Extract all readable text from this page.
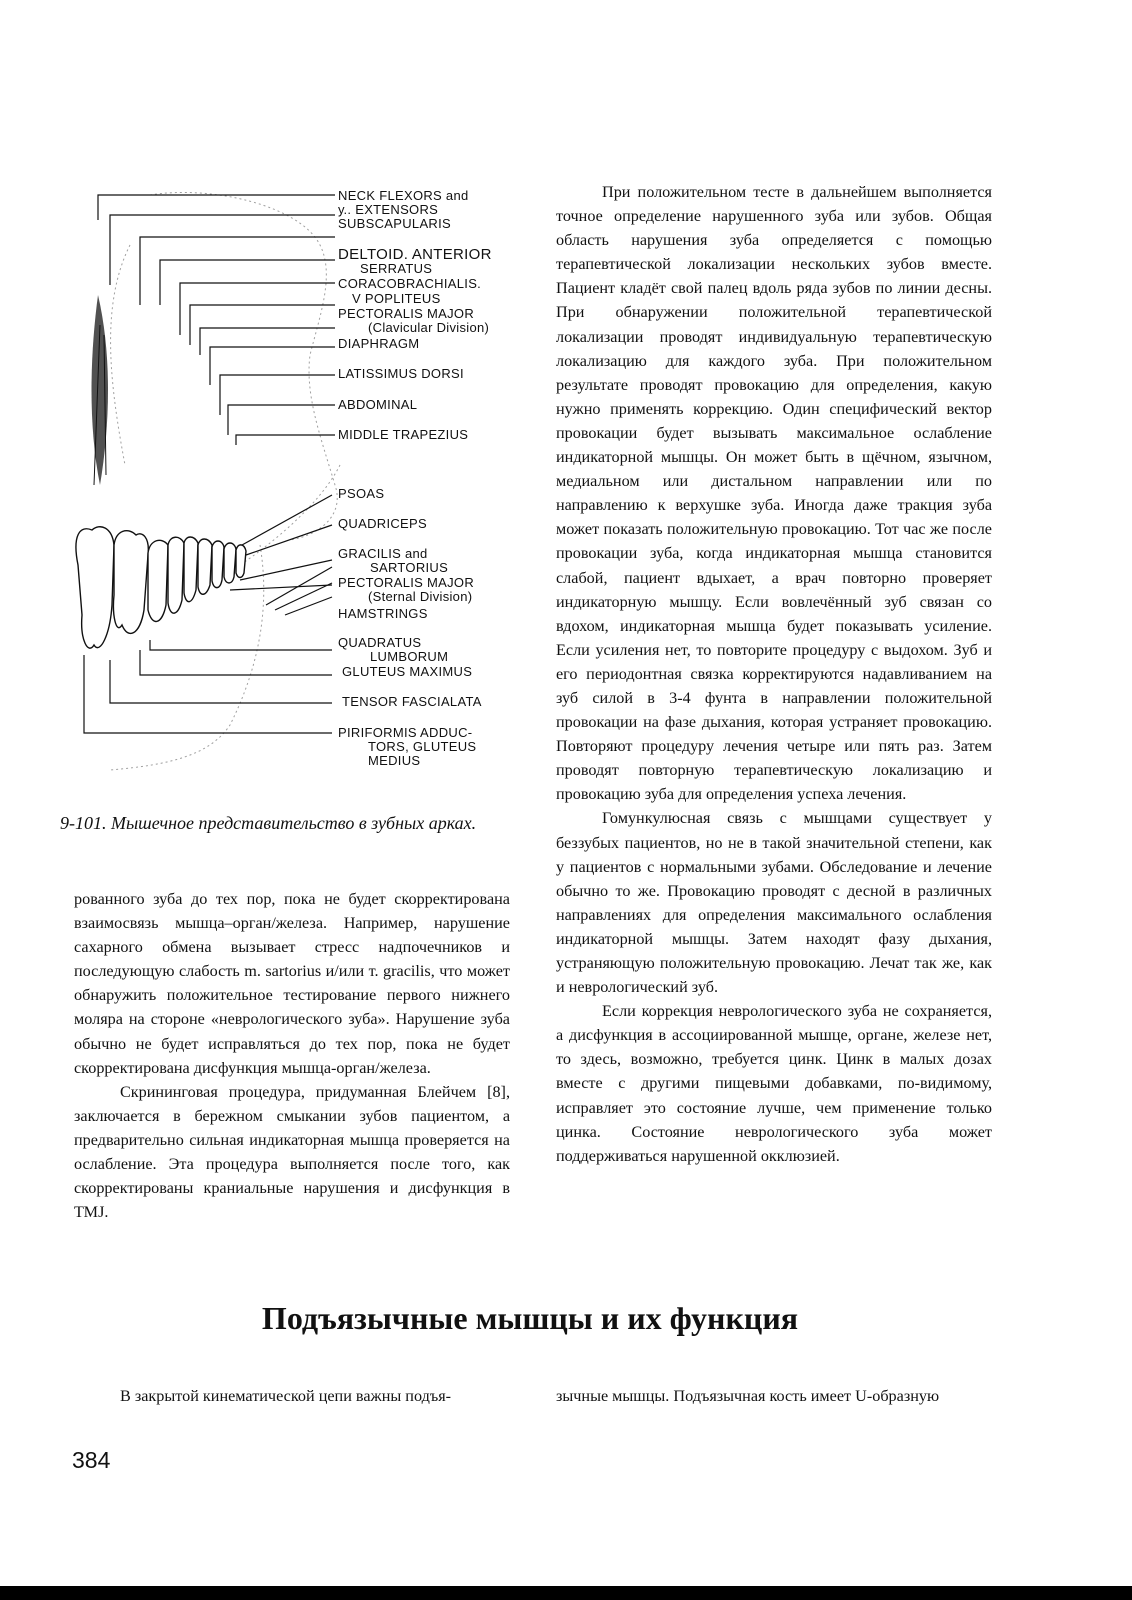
NECK FLEXORS and
у.. EXTENSORS
SUBSCAPULARIS
DELTOID. ANTERIOR
SERRATUS
CORACOBRACHIALIS.
V POPLITEUS
PECTORALIS MAJOR
(Clavicular Division)
DIAPHRAGM
LATISSIMUS DORSI
ABDOMINAL
MIDDLE TRAPEZIUS
PSOAS
QUADRICEPS
GRACILIS and
SARTORIUS
PECTORALIS MAJOR
(Sternal Division)
HAMSTRINGS
QUADRATUS
LUMBORUM
GLUTEUS MAXIMUS
TENSOR FASCIALATA
PIRIFORMIS ADDUC-
TORS, GLUTEUS
MEDIUS
9-101. Мышечное представительство в зубных арках.

рованного зуба до тех пор, пока не будет скорректирована взаимосвязь мышца–орган/железа. Например, нарушение сахарного обмена вызывает стресс надпочечников и последующую слабость m. sartorius и/или т. gracilis, что может обнаружить положительное тестирование первого нижнего моляра на стороне «неврологического зуба». Нарушение зуба обычно не будет исправляться до тех пор, пока не будет скорректирована дисфункция мышца-орган/железа.

Скрининговая процедура, придуманная Блейчем [8], заключается в бережном смыкании зубов пациентом, а предварительно сильная индикаторная мышца проверяется на ослабление. Эта процедура выполняется после того, как скорректированы краниальные нарушения и дисфункция в ТМJ.

При положительном тесте в дальнейшем выполняется точное определение нарушенного зуба или зубов. Общая область нарушения зуба определяется с помощью терапевтической локализации нескольких зубов вместе. Пациент кладёт свой палец вдоль ряда зубов по линии десны. При обнаружении положительной терапевтической локализации проводят индивидуальную терапевтическую локализацию для каждого зуба. При положительном результате проводят провокацию для определения, какую нужно применять коррекцию. Один специфический вектор провокации будет вызывать максимальное ослабление индикаторной мышцы. Он может быть в щёчном, язычном, медиальном или дистальном направлении или по направлению к верхушке зуба. Иногда даже тракция зуба может показать положительную провокацию. Тот час же после провокации зуба, когда индикаторная мышца становится слабой, пациент вдыхает, а врач повторно проверяет индикаторную мышцу. Если вовлечённый зуб связан со вдохом, индикаторная мышца будет показывать усиление. Если усиления нет, то повторите процедуру с выдохом. Зуб и его периодонтная связка корректируются надавливанием на зуб силой в 3-4 фунта в направлении положительной провокации на фазе дыхания, которая устраняет провокацию. Повторяют процедуру лечения четыре или пять раз. Затем проводят повторную терапевтическую локализацию и провокацию зуба для определения успеха лечения.

Гомункулюсная связь с мышцами существует у беззубых пациентов, но не в такой значительной степени, как у пациентов с нормальными зубами. Обследование и лечение обычно то же. Провокацию проводят с десной в различных направлениях для определения максимального ослабления индикаторной мышцы. Затем находят фазу дыхания, устраняющую положительную провокацию. Лечат так же, как и неврологический зуб.

Если коррекция неврологического зуба не сохраняется, а дисфункция в ассоциированной мышце, органе, железе нет, то здесь, возможно, требуется цинк. Цинк в малых дозах вместе с другими пищевыми добавками, по-видимому, исправляет это состояние лучше, чем применение только цинка. Состояние неврологического зуба может поддерживаться нарушенной окклюзией.

Подъязычные мышцы и их функция
В закрытой кинематической цепи важны подъя-	зычные мышцы. Подъязычная кость имеет U-образную
384
